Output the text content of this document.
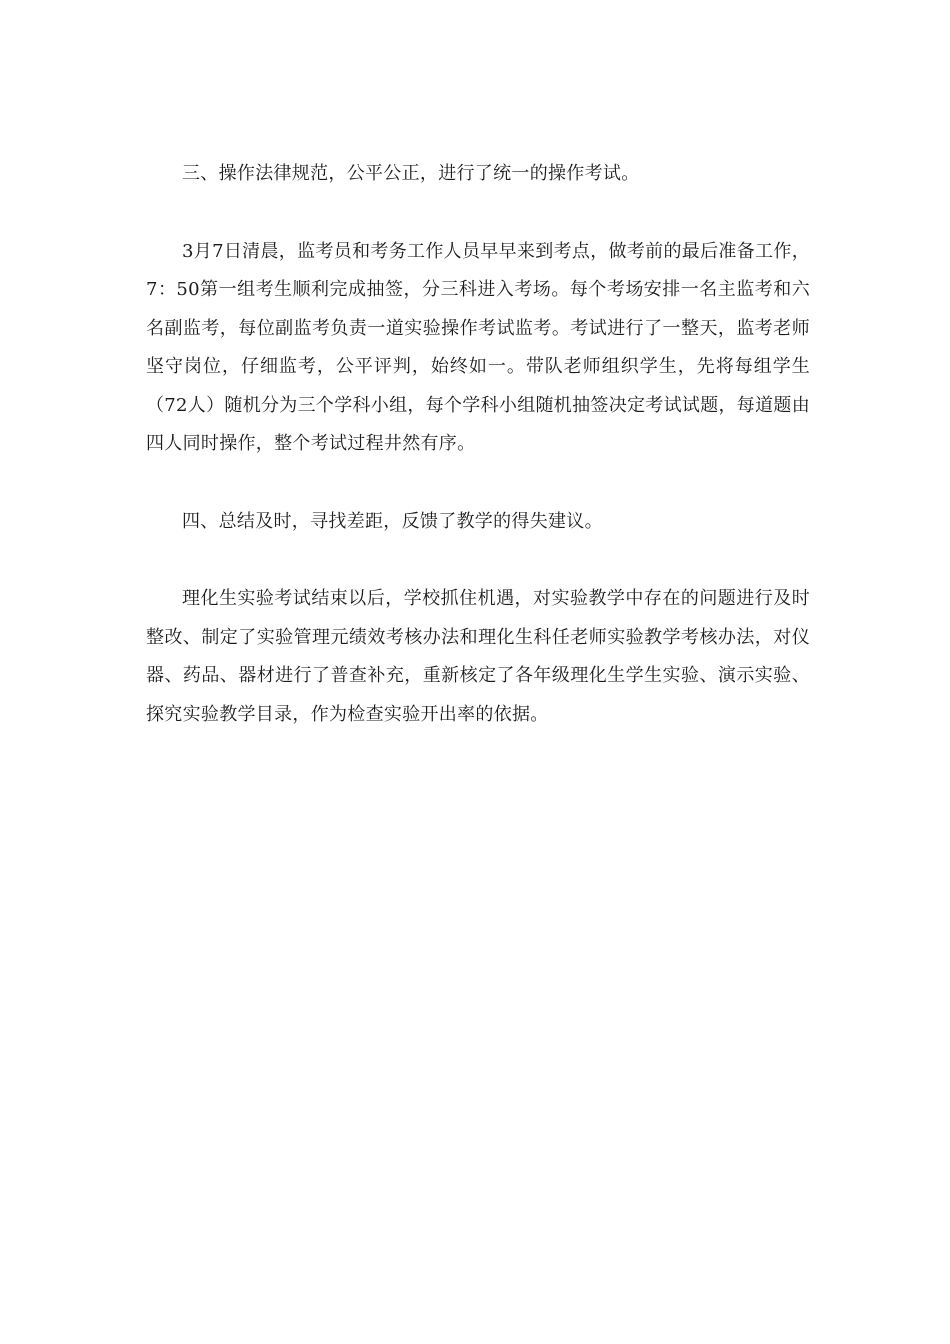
三、操作法律规范，公平公正，进行了统一的操作考试。

3月7日清晨，监考员和考务工作人员早早来到考点，做考前的最后准备工作，7：50第一组考生顺利完成抽签，分三科进入考场。每个考场安排一名主监考和六名副监考，每位副监考负责一道实验操作考试监考。考试进行了一整天，监考老师坚守岗位，仔细监考，公平评判，始终如一。带队老师组织学生，先将每组学生（72人）随机分为三个学科小组，每个学科小组随机抽签决定考试试题，每道题由四人同时操作，整个考试过程井然有序。

四、总结及时，寻找差距，反馈了教学的得失建议。

理化生实验考试结束以后，学校抓住机遇，对实验教学中存在的问题进行及时整改、制定了实验管理元绩效考核办法和理化生科任老师实验教学考核办法，对仪器、药品、器材进行了普查补充，重新核定了各年级理化生学生实验、演示实验、探究实验教学目录，作为检查实验开出率的依据。
